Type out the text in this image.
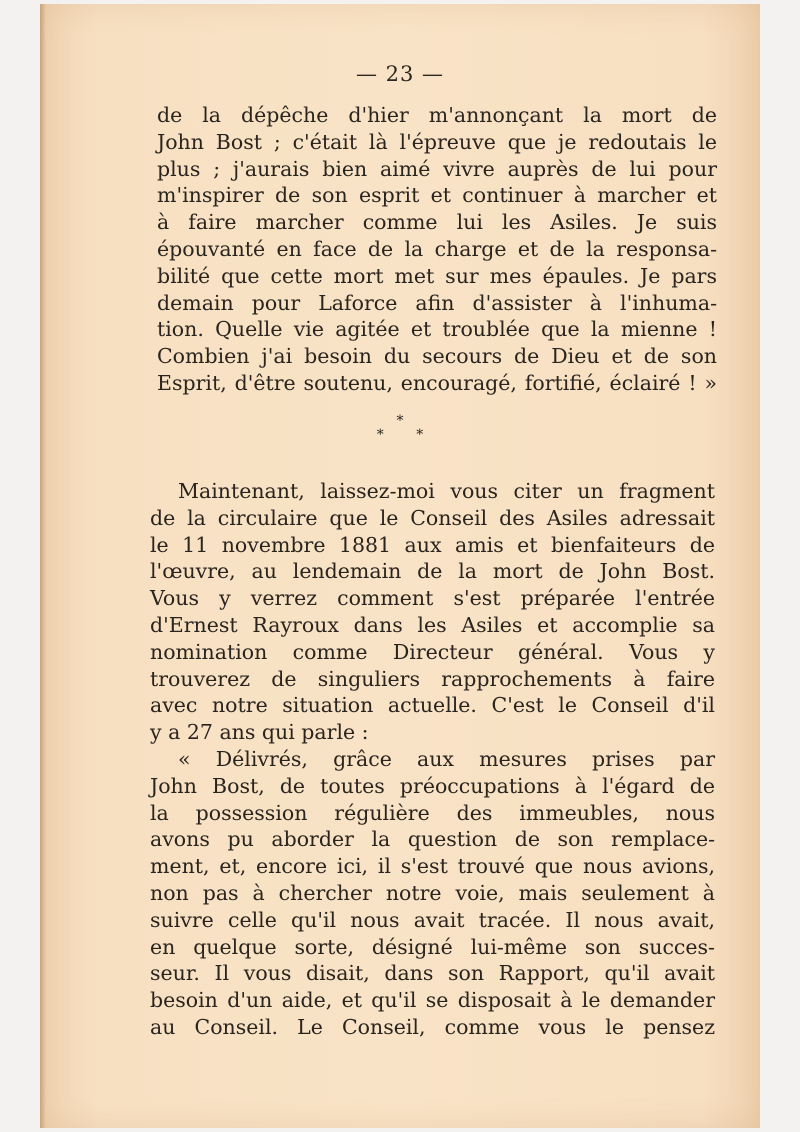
— 23 —
de la dépêche d'hier m'annonçant la mort de
John Bost ; c'était là l'épreuve que je redoutais le
plus ; j'aurais bien aimé vivre auprès de lui pour
m'inspirer de son esprit et continuer à marcher et
à faire marcher comme lui les Asiles. Je suis
épouvanté en face de la charge et de la responsa-
bilité que cette mort met sur mes épaules. Je pars
demain pour Laforce afin d'assister à l'inhuma-
tion. Quelle vie agitée et troublée que la mienne !
Combien j'ai besoin du secours de Dieu et de son
Esprit, d'être soutenu, encouragé, fortifié, éclairé ! »
*
* *
Maintenant, laissez-moi vous citer un fragment
de la circulaire que le Conseil des Asiles adressait
le 11 novembre 1881 aux amis et bienfaiteurs de
l'œuvre, au lendemain de la mort de John Bost.
Vous y verrez comment s'est préparée l'entrée
d'Ernest Rayroux dans les Asiles et accomplie sa
nomination comme Directeur général. Vous y
trouverez de singuliers rapprochements à faire
avec notre situation actuelle. C'est le Conseil d'il
y a 27 ans qui parle :
« Délivrés, grâce aux mesures prises par
John Bost, de toutes préoccupations à l'égard de
la possession régulière des immeubles, nous
avons pu aborder la question de son remplace-
ment, et, encore ici, il s'est trouvé que nous avions,
non pas à chercher notre voie, mais seulement à
suivre celle qu'il nous avait tracée. Il nous avait,
en quelque sorte, désigné lui-même son succes-
seur. Il vous disait, dans son Rapport, qu'il avait
besoin d'un aide, et qu'il se disposait à le demander
au Conseil. Le Conseil, comme vous le pensez
